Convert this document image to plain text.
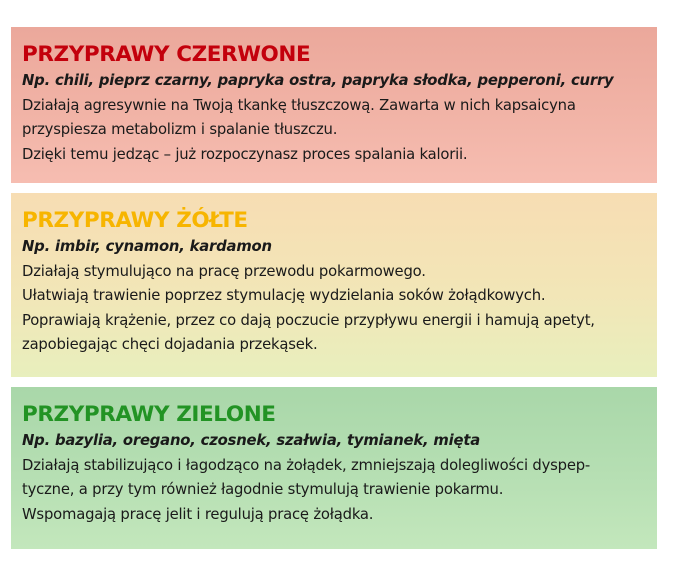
PRZYPRAWY CZERWONE
Np. chili, pieprz czarny, papryka ostra, papryka słodka, pepperoni, curry
Działają agresywnie na Twoją tkankę tłuszczową. Zawarta w nich kapsaicyna
przyspiesza metabolizm i spalanie tłuszczu.
Dzięki temu jedząc – już rozpoczynasz proces spalania kalorii.
PRZYPRAWY ŻÓŁTE
Np. imbir, cynamon, kardamon
Działają stymulująco na pracę przewodu pokarmowego.
Ułatwiają trawienie poprzez stymulację wydzielania soków żołądkowych.
Poprawiają krążenie, przez co dają poczucie przypływu energii i hamują apetyt,
zapobiegając chęci dojadania przekąsek.
PRZYPRAWY ZIELONE
Np. bazylia, oregano, czosnek, szałwia, tymianek, mięta
Działają stabilizująco i łagodząco na żołądek, zmniejszają dolegliwości dyspep-
tyczne, a przy tym również łagodnie stymulują trawienie pokarmu.
Wspomagają pracę jelit i regulują pracę żołądka.
